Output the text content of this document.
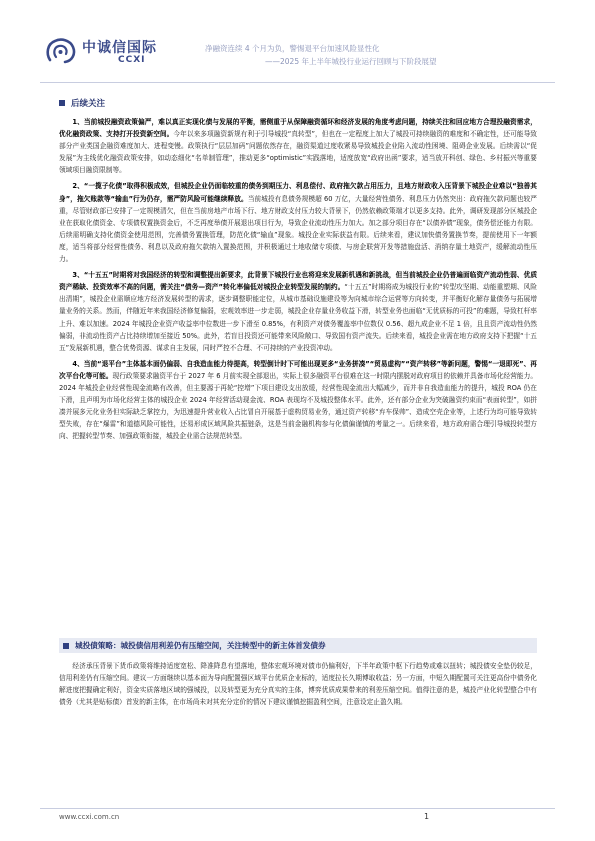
中诚信国际
CCXI
净融资连续 4 个月为负，警惕退平台加速风险显性化
——2025 年上半年城投行业运行回顾与下阶段展望
后续关注

1、当前城投融资政策偏严，难以真正实现化债与发展的平衡，需侧重于从保障融资循环和经济发展的角度考虑问题，持续关注和回应地方合理投融资需求，优化融资政策、支持打开投资新空间。今年以来多项融资新规有利于引导城投“真转型”，但也在一定程度上加大了城投可持续融资的难度和不确定性，还可能导致部分产业类国企融资难度加大、进程变慢。政策执行“层层加码”问题依然存在，融资渠道过度收紧易导致城投企业陷入流动性困境、阻碍企业发展。后续需以“促发展”为主线优化融资政策安排，如动态细化“名单制管理”，推动更多“optimistic”实践落地，适度放宽“政府出函”要求，适当放开科创、绿色、乡村振兴等重要领域项目融资限制等。

2、“一揽子化债”取得积极成效，但城投企业仍面临较重的债务到期压力、利息偿付、政府拖欠款占用压力，且地方财政收入压背景下城投企业难以“独善其身”，拖欠账款等“输血”行为仍存，需严防风险可能继续释放。当前城投有息债务规模超 60 万亿，大量经营性债务、利息压力仍然突出：政府拖欠款问题也较严重，尽管财政部已安排了一定规模清欠，但在当前房地产市场下行、地方财政支付压力较大背景下，仍然依赖政策端才以更多支持。此外，调研发现部分区城投企业在获取化债资金、专项债权置换资金后，不乏再度举债开展退出项目行为，导致企业流动性压力加大。加之部分项目存在“以债养债”现象，债务偿还能力有限。后续需明确支持化债资金使用范围，完善债务置换管理，防范化债“输血”现象。城投企业实际获益有限。后续来看，建议加快债务置换节奏，提前使用下一年额度，适当将部分经营性债务、利息以及政府拖欠款纳入置换范围，并积极通过土地收储专项债、与房企联营开发等措施盘活、消纳存量土地资产，缓解流动性压力。

3、“十五五”时期将对我国经济的转型和调整提出新要求，此背景下城投行业也将迎来发展新机遇和新挑战，但当前城投企业仍普遍面临资产流动性弱、优质资产稀缺、投资效率不高的问题，需关注“债务—资产”转化率偏低对城投企业转型发展的制约。“十五五”时期将成为城投行业的“转型攻坚期、动能重塑期、风险出清期”，城投企业需顺应地方经济发展转型的需求，逐步调整职能定位，从城市基础设施建设等为向城市综合运营等方向转变，并平衡好化解存量债务与拓展增量业务的关系。然而，伴随近年来我国经济修复偏弱，宏观效率进一步走弱，城投企业存量业务收益下滑，转型业务也面临“无优质标的可投”的难题，导致杠杆率上升、难以加速。2024 年城投企业资产收益率中位数进一步下滑至 0.85%，有利资产对债务覆盖率中位数仅 0.56、超九成企业不足 1 倍，且且资产流动性仍然偏弱，非流动性资产占比持续增加至接近 50%。此外，若盲目投资还可能带来风险敞口、导致国有资产流失。后续来看，城投企业需在地方政府支持下把握“十五五”发展新机遇，整合优势资源、谋求自主发展，同时严控不合理、不可持续的产业投资冲动。

4、当前“退平台”主体基本面仍偏弱、自我造血能力待提高，转型倒计时下可能出现更多“业务拼凑”“贸易虚构”“资产转移”等新问题，警惕“一退即死”、再次平台化等可能。现行政策要求融资平台于 2027 年 6 月前实现全部退出，实际上很多融资平台很难在这一时限内摆脱对政府项目的依赖并具备市场化经营能力。2024 年城投企业经营性现金流略有改善，但主要源于再轮“控增”下项目建设支出放缓，经营性现金流出大幅减少，而并非自我造血能力的提升，城投 ROA 仍在下滑，且声明为市场化经营主体的城投企业 2024 年经营活动现金流、ROA 表现均不及城投整体水平。此外，还有部分企业为突破融资约束而“表面转型”，如拼凑并展多元化业务但实际缺乏掌控力，为迅速提升营业收入占比冒自开展基于虚构贸易业务，通过资产转移“弃车保帅”、造成空壳企业等，上述行为均可能导致转型失败，存在“爆雷”和道德风险可能性，还易形成区域风险共振链条，这是当前金融机构参与化债偏谨慎的考量之一。后续来看，地方政府需合理引导城投转型方向、把握转型节奏、加强政策衔接，城投企业需合法规范转型。

城投债策略：城投债信用利差仍有压缩空间，关注转型中的新主体首发债券

经济承压背景下货币政策将维持适度宽松、降准降息有望落地，整体宏观环境对债市仍偏利好，下半年政策中枢下行趋势或难以扭转；城投债安全垫仍较足，信用利差仍有压缩空间。建议一方面继续以基本面为导向配置强区域平台优质企业标的，适度拉长久期博取收益；另一方面，中短久期配置可关注更高份中债务化解进度把握确定利好，资金实质落地区域的强城投，以及转型更为充分真实的主体，博弈优质成果带来的利差压缩空间。值得注意的是，城投产业化转型整合中有债务（尤其是贴标债）首发的新主体，在市场尚未对其充分定价的情况下建议谨慎挖掘盈利空间，注意设定止盈久期。

www.ccxi.com.cn	1
